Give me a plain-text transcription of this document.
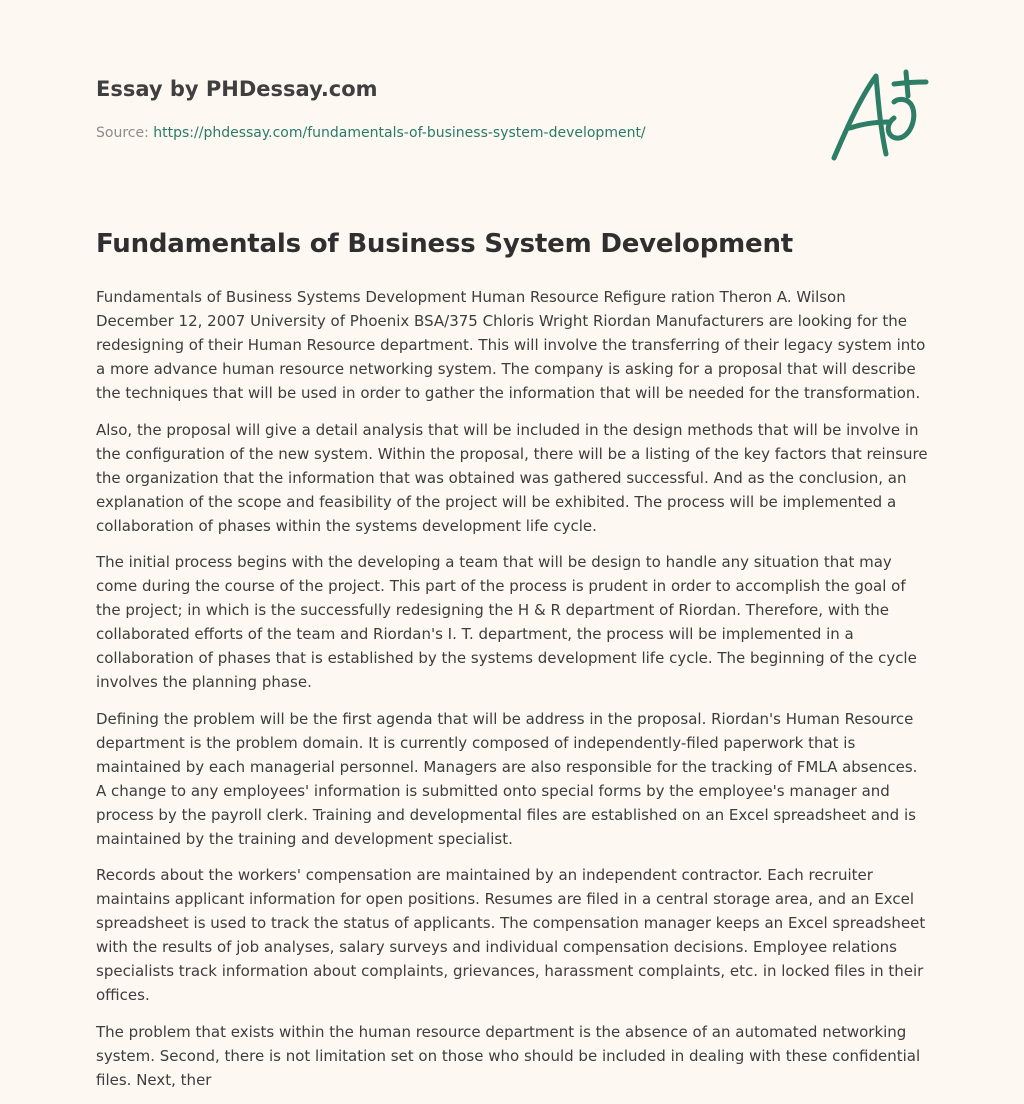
Essay by PHDessay.com
Source: https://phdessay.com/fundamentals-of-business-system-development/
Fundamentals of Business System Development

Fundamentals of Business Systems Development Human Resource Refigure ration Theron A. Wilson December 12, 2007 University of Phoenix BSA/375 Chloris Wright Riordan Manufacturers are looking for the redesigning of their Human Resource department. This will involve the transferring of their legacy system into a more advance human resource networking system. The company is asking for a proposal that will describe the techniques that will be used in order to gather the information that will be needed for the transformation.

Also, the proposal will give a detail analysis that will be included in the design methods that will be involve in the configuration of the new system. Within the proposal, there will be a listing of the key factors that reinsure the organization that the information that was obtained was gathered successful. And as the conclusion, an explanation of the scope and feasibility of the project will be exhibited. The process will be implemented a collaboration of phases within the systems development life cycle.

The initial process begins with the developing a team that will be design to handle any situation that may come during the course of the project. This part of the process is prudent in order to accomplish the goal of the project; in which is the successfully redesigning the H & R department of Riordan. Therefore, with the collaborated efforts of the team and Riordan's I. T. department, the process will be implemented in a collaboration of phases that is established by the systems development life cycle. The beginning of the cycle involves the planning phase.

Defining the problem will be the first agenda that will be address in the proposal. Riordan's Human Resource department is the problem domain. It is currently composed of independently-filed paperwork that is maintained by each managerial personnel. Managers are also responsible for the tracking of FMLA absences. A change to any employees' information is submitted onto special forms by the employee's manager and process by the payroll clerk. Training and developmental files are established on an Excel spreadsheet and is maintained by the training and development specialist.

Records about the workers' compensation are maintained by an independent contractor. Each recruiter maintains applicant information for open positions. Resumes are filed in a central storage area, and an Excel spreadsheet is used to track the status of applicants. The compensation manager keeps an Excel spreadsheet with the results of job analyses, salary surveys and individual compensation decisions. Employee relations specialists track information about complaints, grievances, harassment complaints, etc. in locked files in their offices.

The problem that exists within the human resource department is the absence of an automated networking system. Second, there is not limitation set on those who should be included in dealing with these confidential files. Next, ther
